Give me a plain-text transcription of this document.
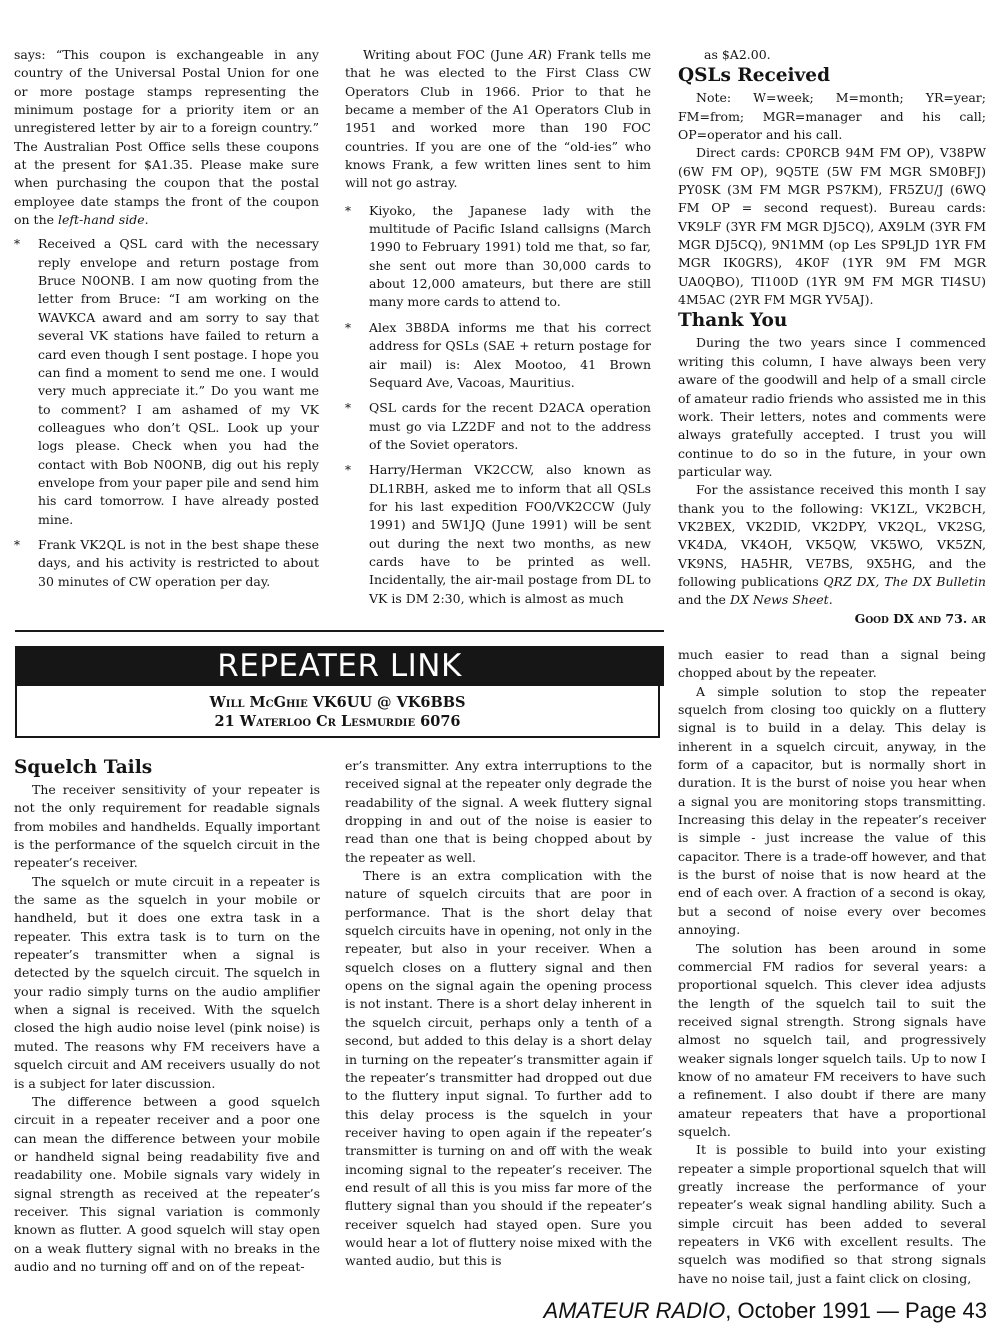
says: “This coupon is exchangeable in any country of the Universal Postal Union for one or more postage stamps representing the minimum postage for a priority item or an unregistered letter by air to a foreign country.” The Australian Post Office sells these coupons at the present for $A1.35. Please make sure when purchasing the coupon that the postal employee date stamps the front of the coupon on the left-hand side.

*	Received a QSL card with the necessary reply envelope and return postage from Bruce N0ONB. I am now quoting from the letter from Bruce: “I am working on the WAVKCA award and am sorry to say that several VK stations have failed to return a card even though I sent postage. I hope you can find a moment to send me one. I would very much appreciate it.” Do you want me to comment? I am ashamed of my VK colleagues who don’t QSL. Look up your logs please. Check when you had the contact with Bob N0ONB, dig out his reply envelope from your paper pile and send him his card tomorrow. I have already posted mine.

*	Frank VK2QL is not in the best shape these days, and his activity is restricted to about 30 minutes of CW operation per day.

Writing about FOC (June AR) Frank tells me that he was elected to the First Class CW Operators Club in 1966. Prior to that he became a member of the A1 Operators Club in 1951 and worked more than 190 FOC countries. If you are one of the “old-ies” who knows Frank, a few written lines sent to him will not go astray.

*	Kiyoko, the Japanese lady with the multitude of Pacific Island callsigns (March 1990 to February 1991) told me that, so far, she sent out more than 30,000 cards to about 12,000 amateurs, but there are still many more cards to attend to.

*	Alex 3B8DA informs me that his correct address for QSLs (SAE + return postage for air mail) is: Alex Mootoo, 41 Brown Sequard Ave, Vacoas, Mauritius.

*	QSL cards for the recent D2ACA operation must go via LZ2DF and not to the address of the Soviet operators.

*	Harry/Herman VK2CCW, also known as DL1RBH, asked me to inform that all QSLs for his last expedition FO0/VK2CCW (July 1991) and 5W1JQ (June 1991) will be sent out during the next two months, as new cards have to be printed as well. Incidentally, the air-mail postage from DL to VK is DM 2:30, which is almost as much

as $A2.00.

QSLs Received

Note: W=week; M=month; YR=year; FM=from; MGR=manager and his call; OP=operator and his call.

Direct cards: CP0RCB 94M FM OP), V38PW (6W FM OP), 9Q5TE (5W FM MGR SM0BFJ) PY0SK (3M FM MGR PS7KM), FR5ZU/J (6WQ FM OP = second request). Bureau cards: VK9LF (3YR FM MGR DJ5CQ), AX9LM (3YR FM MGR DJ5CQ), 9N1MM (op Les SP9LJD 1YR FM MGR IK0GRS), 4K0F (1YR 9M FM MGR UA0QBO), TI100D (1YR 9M FM MGR TI4SU) 4M5AC (2YR FM MGR YV5AJ).

Thank You

During the two years since I commenced writing this column, I have always been very aware of the goodwill and help of a small circle of amateur radio friends who assisted me in this work. Their letters, notes and comments were always gratefully accepted. I trust you will continue to do so in the future, in your own particular way.

For the assistance received this month I say thank you to the following: VK1ZL, VK2BCH, VK2BEX, VK2DID, VK2DPY, VK2QL, VK2SG, VK4DA, VK4OH, VK5QW, VK5WO, VK5ZN, VK9NS, HA5HR, VE7BS, 9X5HG, and the following publications QRZ DX, The DX Bulletin and the DX News Sheet.

Good DX and 73. ar

REPEATER LINK
Will McGhie VK6UU @ VK6BBS
21 Waterloo Cr Lesmurdie 6076
Squelch Tails

The receiver sensitivity of your repeater is not the only requirement for readable signals from mobiles and handhelds. Equally important is the performance of the squelch circuit in the repeater’s receiver.

The squelch or mute circuit in a repeater is the same as the squelch in your mobile or handheld, but it does one extra task in a repeater. This extra task is to turn on the repeater’s transmitter when a signal is detected by the squelch circuit. The squelch in your radio simply turns on the audio amplifier when a signal is received. With the squelch closed the high audio noise level (pink noise) is muted. The reasons why FM receivers have a squelch circuit and AM receivers usually do not is a subject for later discussion.

The difference between a good squelch circuit in a repeater receiver and a poor one can mean the difference between your mobile or handheld signal being readability five and readability one. Mobile signals vary widely in signal strength as received at the repeater’s receiver. This signal variation is commonly known as flutter. A good squelch will stay open on a weak fluttery signal with no breaks in the audio and no turning off and on of the repeat-

er’s transmitter. Any extra interruptions to the received signal at the repeater only degrade the readability of the signal. A week fluttery signal dropping in and out of the noise is easier to read than one that is being chopped about by the repeater as well.

There is an extra complication with the nature of squelch circuits that are poor in performance. That is the short delay that squelch circuits have in opening, not only in the repeater, but also in your receiver. When a squelch closes on a fluttery signal and then opens on the signal again the opening process is not instant. There is a short delay inherent in the squelch circuit, perhaps only a tenth of a second, but added to this delay is a short delay in turning on the repeater’s transmitter again if the repeater’s transmitter had dropped out due to the fluttery input signal. To further add to this delay process is the squelch in your receiver having to open again if the repeater’s transmitter is turning on and off with the weak incoming signal to the repeater’s receiver. The end result of all this is you miss far more of the fluttery signal than you should if the repeater’s receiver squelch had stayed open. Sure you would hear a lot of fluttery noise mixed with the wanted audio, but this is

much easier to read than a signal being chopped about by the repeater.

A simple solution to stop the repeater squelch from closing too quickly on a fluttery signal is to build in a delay. This delay is inherent in a squelch circuit, anyway, in the form of a capacitor, but is normally short in duration. It is the burst of noise you hear when a signal you are monitoring stops transmitting. Increasing this delay in the repeater’s receiver is simple - just increase the value of this capacitor. There is a trade-off however, and that is the burst of noise that is now heard at the end of each over. A fraction of a second is okay, but a second of noise every over becomes annoying.

The solution has been around in some commercial FM radios for several years: a proportional squelch. This clever idea adjusts the length of the squelch tail to suit the received signal strength. Strong signals have almost no squelch tail, and progressively weaker signals longer squelch tails. Up to now I know of no amateur FM receivers to have such a refinement. I also doubt if there are many amateur repeaters that have a proportional squelch.

It is possible to build into your existing repeater a simple proportional squelch that will greatly increase the performance of your repeater’s weak signal handling ability. Such a simple circuit has been added to several repeaters in VK6 with excellent results. The squelch was modified so that strong signals have no noise tail, just a faint click on closing,

AMATEUR RADIO, October 1991 — Page 43
